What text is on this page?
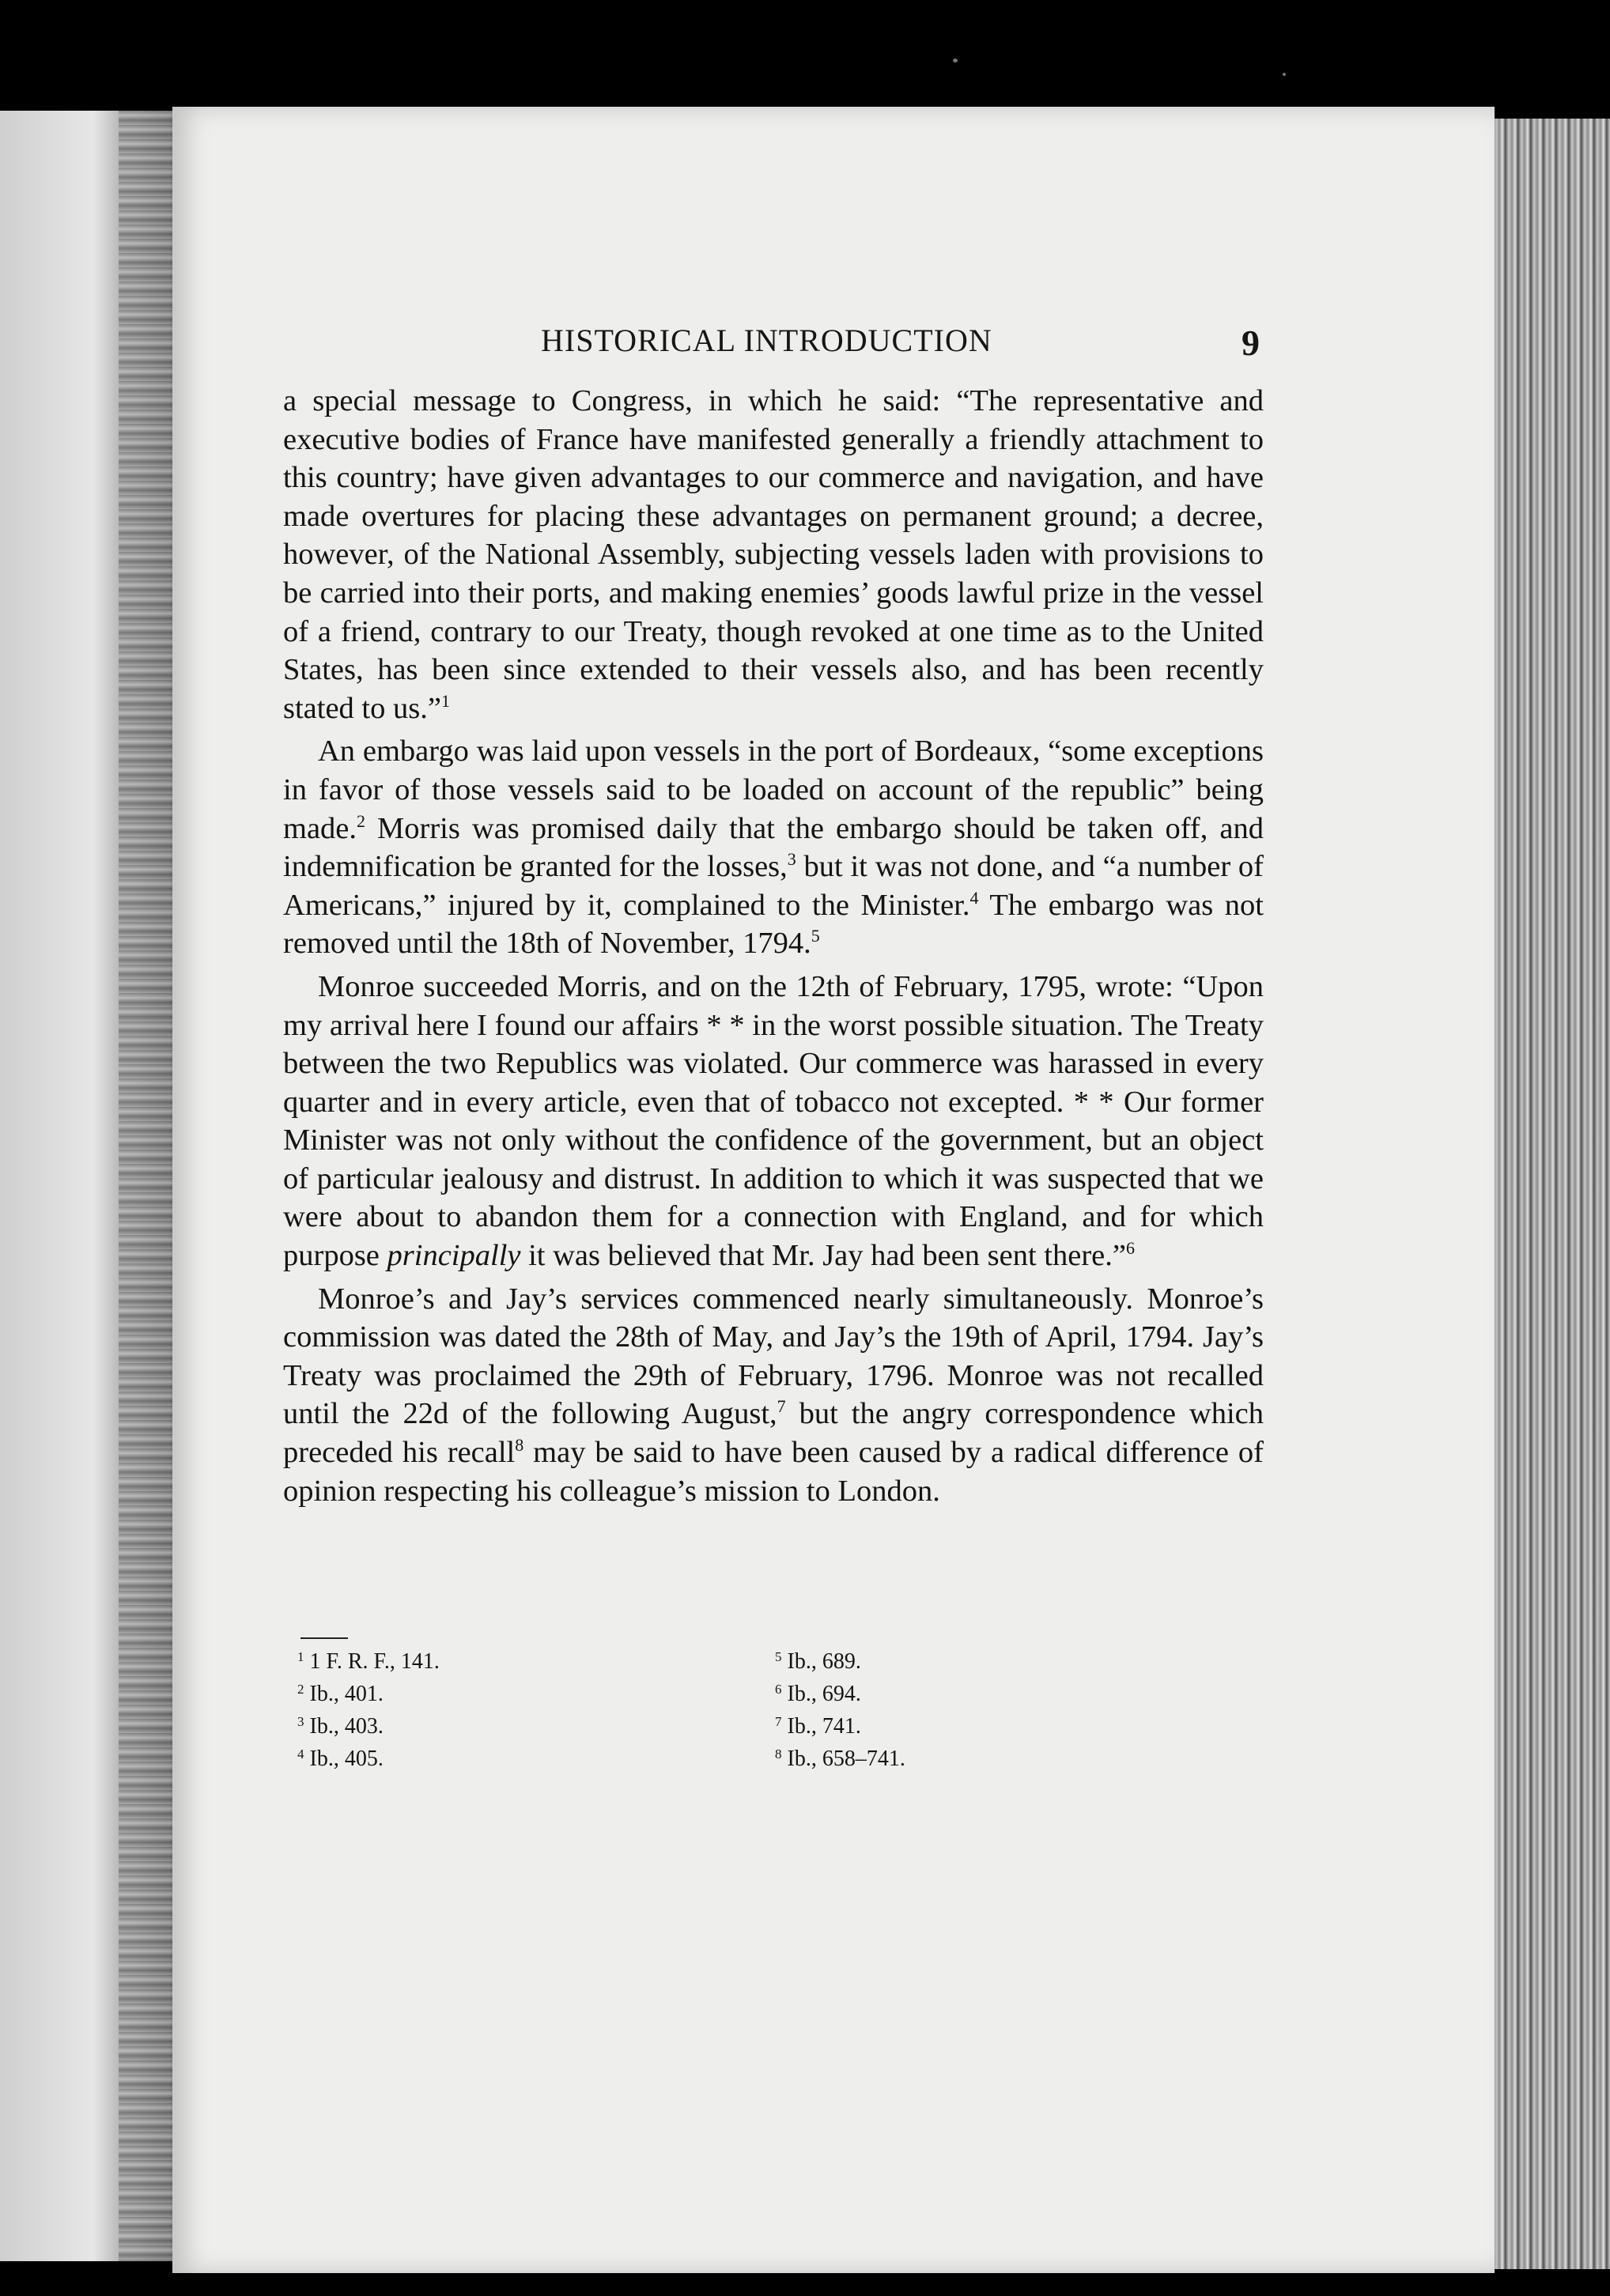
HISTORICAL INTRODUCTION	9

a special message to Congress, in which he said: “The representative and executive bodies of France have manifested generally a friendly attachment to this country; have given advantages to our commerce and navigation, and have made overtures for placing these advantages on permanent ground; a decree, however, of the National Assembly, subjecting vessels laden with provisions to be carried into their ports, and making enemies’ goods lawful prize in the vessel of a friend, contrary to our Treaty, though revoked at one time as to the United States, has been since extended to their vessels also, and has been recently stated to us.”$^1$

An embargo was laid upon vessels in the port of Bordeaux, “some exceptions in favor of those vessels said to be loaded on account of the republic” being made.$^2$ Morris was promised daily that the embargo should be taken off, and indemnification be granted for the losses,$^3$ but it was not done, and “a number of Americans,” injured by it, complained to the Minister.$^4$ The embargo was not removed until the 18th of November, 1794.$^5$

Monroe succeeded Morris, and on the 12th of February, 1795, wrote: “Upon my arrival here I found our affairs * * in the worst possible situation. The Treaty between the two Republics was violated. Our commerce was harassed in every quarter and in every article, even that of tobacco not excepted. * * Our former Minister was not only without the confidence of the government, but an object of particular jealousy and distrust. In addition to which it was suspected that we were about to abandon them for a connection with England, and for which purpose principally it was believed that Mr. Jay had been sent there.”$^6$

Monroe’s and Jay’s services commenced nearly simultaneously. Monroe’s commission was dated the 28th of May, and Jay’s the 19th of April, 1794. Jay’s Treaty was proclaimed the 29th of February, 1796. Monroe was not recalled until the 22d of the following August,$^7$ but the angry correspondence which preceded his recall$^8$ may be said to have been caused by a radical difference of opinion respecting his colleague’s mission to London.

$^1$ 1 F. R. F., 141.
$^2$ Ib., 401.
$^3$ Ib., 403.
$^4$ Ib., 405.
$^5$ Ib., 689.
$^6$ Ib., 694.
$^7$ Ib., 741.
$^8$ Ib., 658–741.
